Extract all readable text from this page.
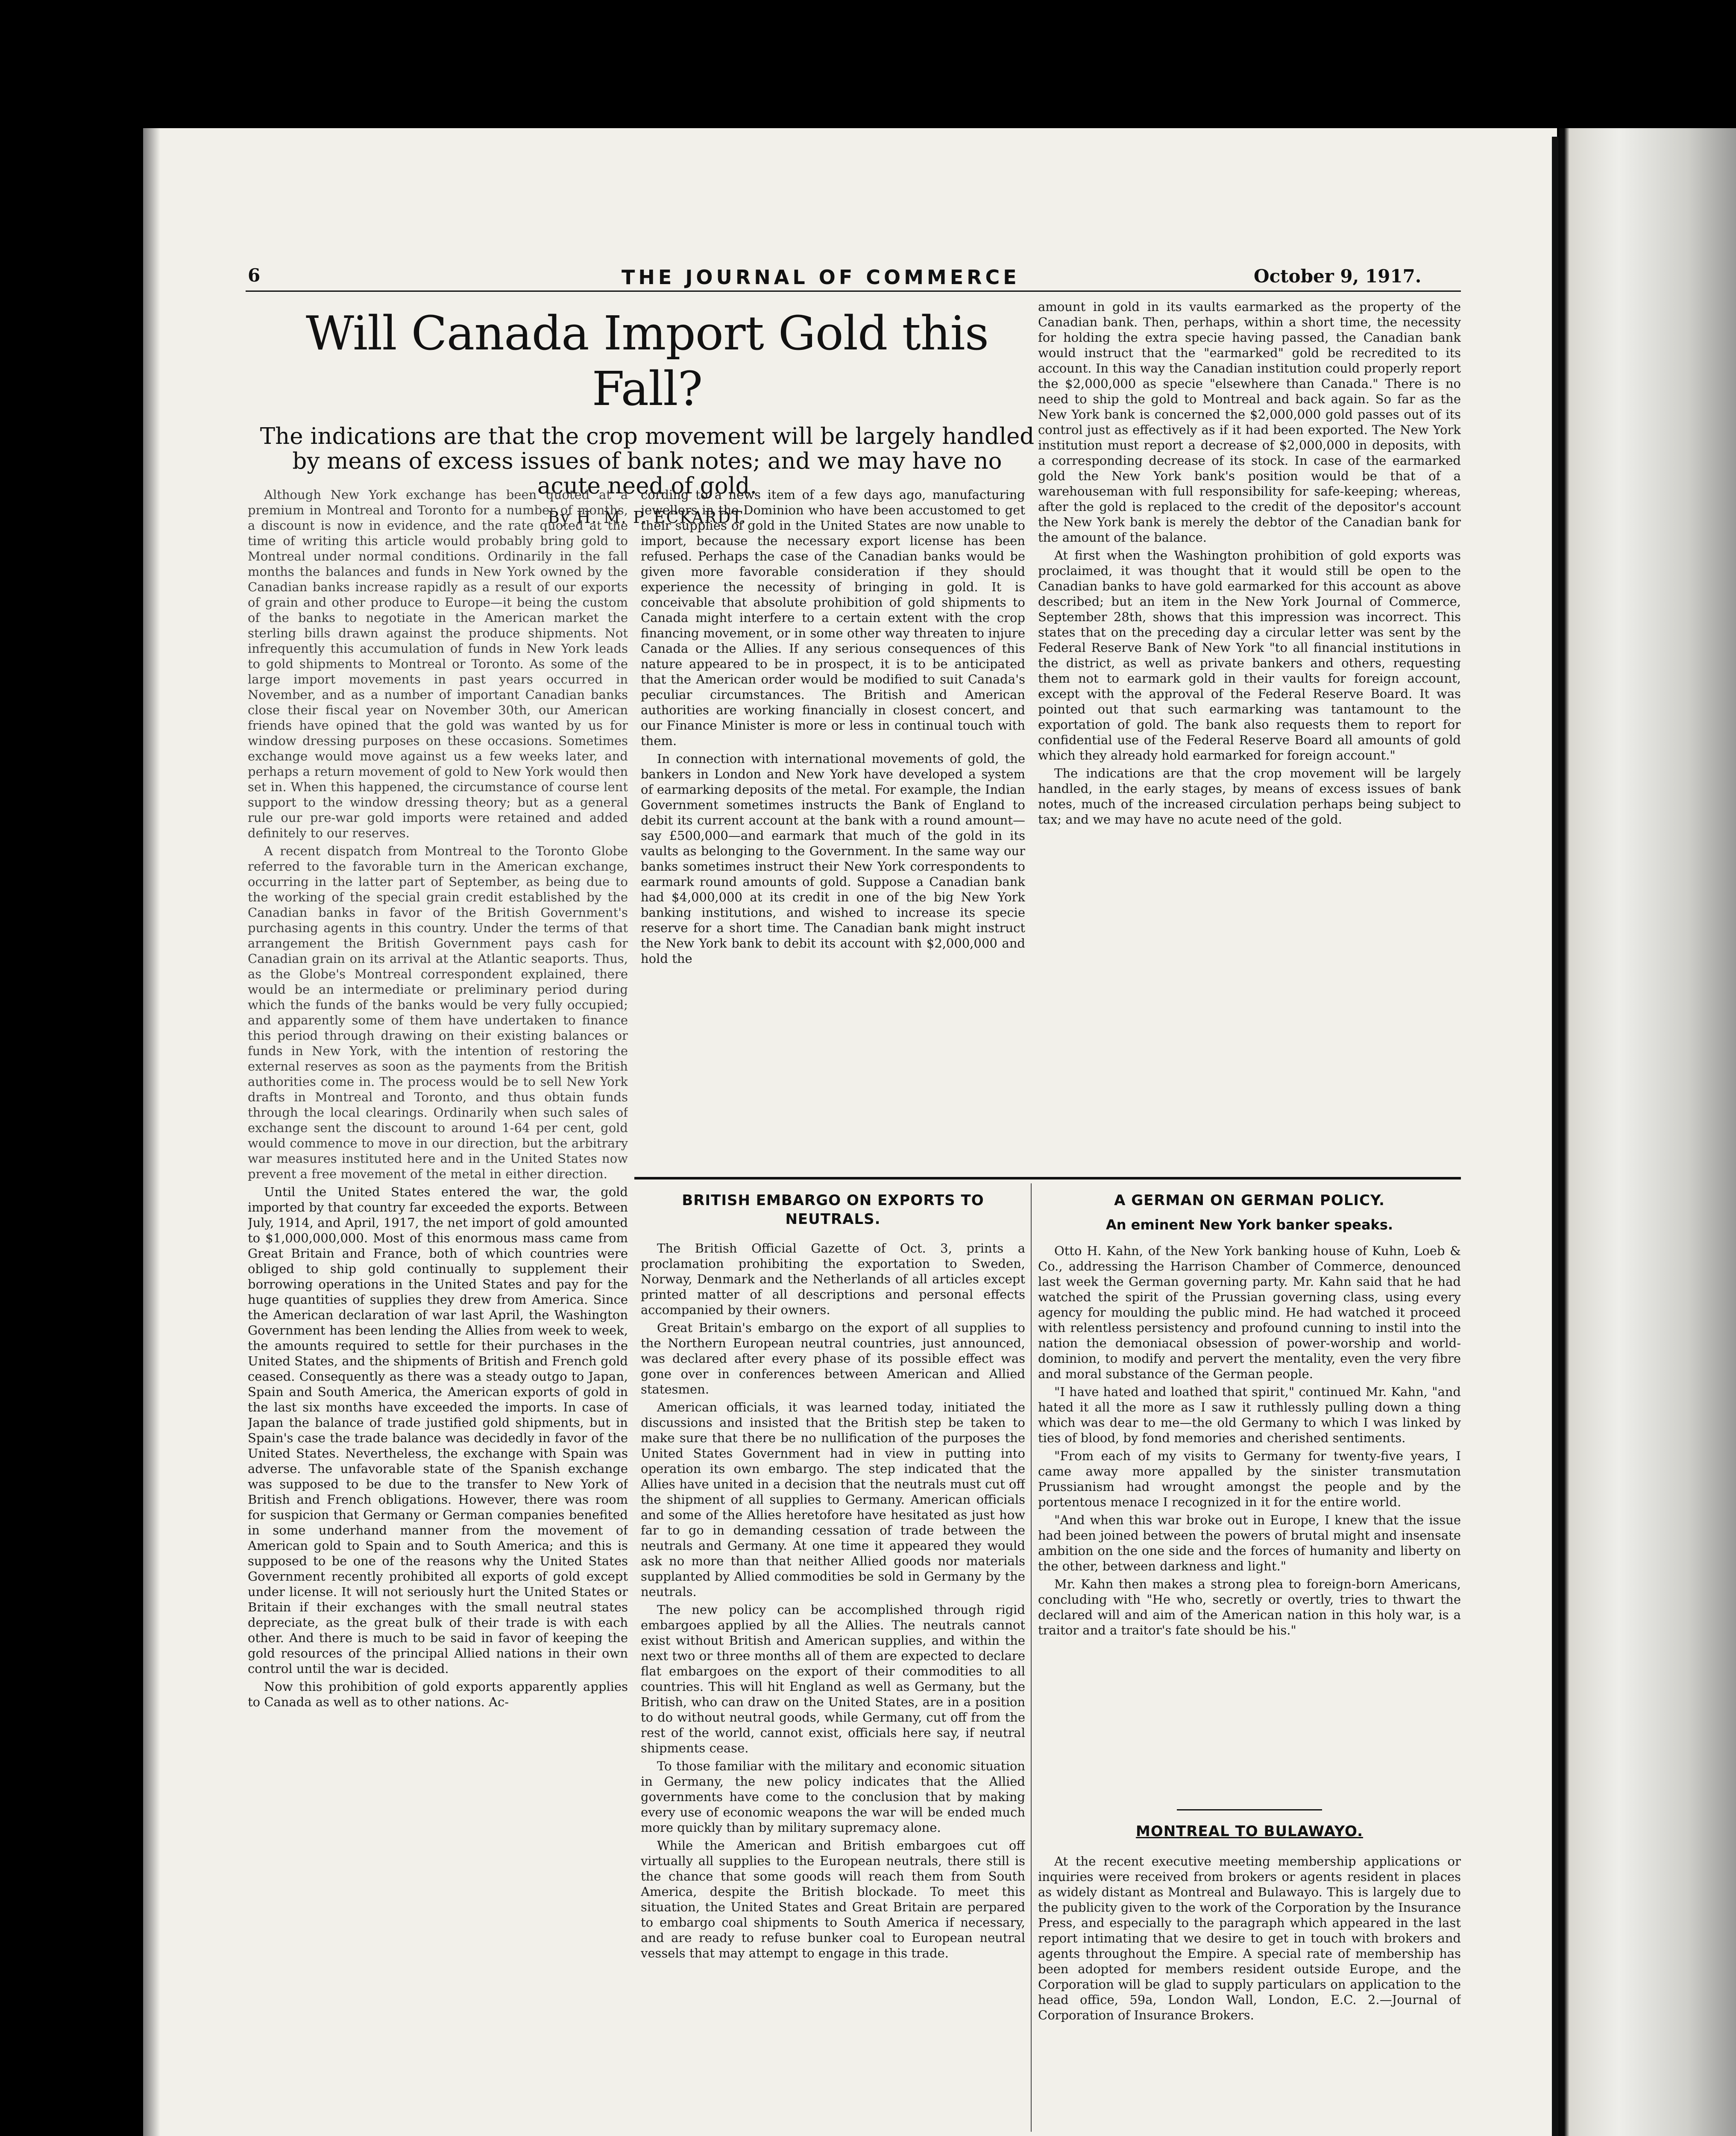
6	THE JOURNAL OF COMMERCE	October 9, 1917.
Will Canada Import Gold this Fall?

The indications are that the crop movement will be largely handled by means of excess issues of bank notes; and we may have no acute need of gold.

By H. M. P. ECKARDT.

Although New York exchange has been quoted at a premium in Montreal and Toronto for a number of months, a discount is now in evidence, and the rate quoted at the time of writing this article would probably bring gold to Montreal under normal conditions. Ordinarily in the fall months the balances and funds in New York owned by the Canadian banks increase rapidly as a result of our exports of grain and other produce to Europe—it being the custom of the banks to negotiate in the American market the sterling bills drawn against the produce shipments. Not infrequently this accumulation of funds in New York leads to gold shipments to Montreal or Toronto. As some of the large import movements in past years occurred in November, and as a number of important Canadian banks close their fiscal year on November 30th, our American friends have opined that the gold was wanted by us for window dressing purposes on these occasions. Sometimes exchange would move against us a few weeks later, and perhaps a return movement of gold to New York would then set in. When this happened, the circumstance of course lent support to the window dressing theory; but as a general rule our pre-war gold imports were retained and added definitely to our reserves.

A recent dispatch from Montreal to the Toronto Globe referred to the favorable turn in the American exchange, occurring in the latter part of September, as being due to the working of the special grain credit established by the Canadian banks in favor of the British Government's purchasing agents in this country. Under the terms of that arrangement the British Government pays cash for Canadian grain on its arrival at the Atlantic seaports. Thus, as the Globe's Montreal correspondent explained, there would be an intermediate or preliminary period during which the funds of the banks would be very fully occupied; and apparently some of them have undertaken to finance this period through drawing on their existing balances or funds in New York, with the intention of restoring the external reserves as soon as the payments from the British authorities come in. The process would be to sell New York drafts in Montreal and Toronto, and thus obtain funds through the local clearings. Ordinarily when such sales of exchange sent the discount to around 1-64 per cent, gold would commence to move in our direction, but the arbitrary war measures instituted here and in the United States now prevent a free movement of the metal in either direction.

Until the United States entered the war, the gold imported by that country far exceeded the exports. Between July, 1914, and April, 1917, the net import of gold amounted to $1,000,000,000. Most of this enormous mass came from Great Britain and France, both of which countries were obliged to ship gold continually to supplement their borrowing operations in the United States and pay for the huge quantities of supplies they drew from America. Since the American declaration of war last April, the Washington Government has been lending the Allies from week to week, the amounts required to settle for their purchases in the United States, and the shipments of British and French gold ceased. Consequently as there was a steady outgo to Japan, Spain and South America, the American exports of gold in the last six months have exceeded the imports. In case of Japan the balance of trade justified gold shipments, but in Spain's case the trade balance was decidedly in favor of the United States. Nevertheless, the exchange with Spain was adverse. The unfavorable state of the Spanish exchange was supposed to be due to the transfer to New York of British and French obligations. However, there was room for suspicion that Germany or German companies benefited in some underhand manner from the movement of American gold to Spain and to South America; and this is supposed to be one of the reasons why the United States Government recently prohibited all exports of gold except under license. It will not seriously hurt the United States or Britain if their exchanges with the small neutral states depreciate, as the great bulk of their trade is with each other. And there is much to be said in favor of keeping the gold resources of the principal Allied nations in their own control until the war is decided.

Now this prohibition of gold exports apparently applies to Canada as well as to other nations. Ac-

cording to a news item of a few days ago, manufacturing jewellers in the Dominion who have been accustomed to get their supplies of gold in the United States are now unable to import, because the necessary export license has been refused. Perhaps the case of the Canadian banks would be given more favorable consideration if they should experience the necessity of bringing in gold. It is conceivable that absolute prohibition of gold shipments to Canada might interfere to a certain extent with the crop financing movement, or in some other way threaten to injure Canada or the Allies. If any serious consequences of this nature appeared to be in prospect, it is to be anticipated that the American order would be modified to suit Canada's peculiar circumstances. The British and American authorities are working financially in closest concert, and our Finance Minister is more or less in continual touch with them.

In connection with international movements of gold, the bankers in London and New York have developed a system of earmarking deposits of the metal. For example, the Indian Government sometimes instructs the Bank of England to debit its current account at the bank with a round amount—say £500,000—and earmark that much of the gold in its vaults as belonging to the Government. In the same way our banks sometimes instruct their New York correspondents to earmark round amounts of gold. Suppose a Canadian bank had $4,000,000 at its credit in one of the big New York banking institutions, and wished to increase its specie reserve for a short time. The Canadian bank might instruct the New York bank to debit its account with $2,000,000 and hold the

amount in gold in its vaults earmarked as the property of the Canadian bank. Then, perhaps, within a short time, the necessity for holding the extra specie having passed, the Canadian bank would instruct that the "earmarked" gold be recredited to its account. In this way the Canadian institution could properly report the $2,000,000 as specie "elsewhere than Canada." There is no need to ship the gold to Montreal and back again. So far as the New York bank is concerned the $2,000,000 gold passes out of its control just as effectively as if it had been exported. The New York institution must report a decrease of $2,000,000 in deposits, with a corresponding decrease of its stock. In case of the earmarked gold the New York bank's position would be that of a warehouseman with full responsibility for safe-keeping; whereas, after the gold is replaced to the credit of the depositor's account the New York bank is merely the debtor of the Canadian bank for the amount of the balance.

At first when the Washington prohibition of gold exports was proclaimed, it was thought that it would still be open to the Canadian banks to have gold earmarked for this account as above described; but an item in the New York Journal of Commerce, September 28th, shows that this impression was incorrect. This states that on the preceding day a circular letter was sent by the Federal Reserve Bank of New York "to all financial institutions in the district, as well as private bankers and others, requesting them not to earmark gold in their vaults for foreign account, except with the approval of the Federal Reserve Board. It was pointed out that such earmarking was tantamount to the exportation of gold. The bank also requests them to report for confidential use of the Federal Reserve Board all amounts of gold which they already hold earmarked for foreign account."

The indications are that the crop movement will be largely handled, in the early stages, by means of excess issues of bank notes, much of the increased circulation perhaps being subject to tax; and we may have no acute need of the gold.

BRITISH EMBARGO ON EXPORTS TO NEUTRALS.

The British Official Gazette of Oct. 3, prints a proclamation prohibiting the exportation to Sweden, Norway, Denmark and the Netherlands of all articles except printed matter of all descriptions and personal effects accompanied by their owners.

Great Britain's embargo on the export of all supplies to the Northern European neutral countries, just announced, was declared after every phase of its possible effect was gone over in conferences between American and Allied statesmen.

American officials, it was learned today, initiated the discussions and insisted that the British step be taken to make sure that there be no nullification of the purposes the United States Government had in view in putting into operation its own embargo. The step indicated that the Allies have united in a decision that the neutrals must cut off the shipment of all supplies to Germany. American officials and some of the Allies heretofore have hesitated as just how far to go in demanding cessation of trade between the neutrals and Germany. At one time it appeared they would ask no more than that neither Allied goods nor materials supplanted by Allied commodities be sold in Germany by the neutrals.

The new policy can be accomplished through rigid embargoes applied by all the Allies. The neutrals cannot exist without British and American supplies, and within the next two or three months all of them are expected to declare flat embargoes on the export of their commodities to all countries. This will hit England as well as Germany, but the British, who can draw on the United States, are in a position to do without neutral goods, while Germany, cut off from the rest of the world, cannot exist, officials here say, if neutral shipments cease.

To those familiar with the military and economic situation in Germany, the new policy indicates that the Allied governments have come to the conclusion that by making every use of economic weapons the war will be ended much more quickly than by military supremacy alone.

While the American and British embargoes cut off virtually all supplies to the European neutrals, there still is the chance that some goods will reach them from South America, despite the British blockade. To meet this situation, the United States and Great Britain are perpared to embargo coal shipments to South America if necessary, and are ready to refuse bunker coal to European neutral vessels that may attempt to engage in this trade.

A GERMAN ON GERMAN POLICY.

An eminent New York banker speaks.

Otto H. Kahn, of the New York banking house of Kuhn, Loeb & Co., addressing the Harrison Chamber of Commerce, denounced last week the German governing party. Mr. Kahn said that he had watched the spirit of the Prussian governing class, using every agency for moulding the public mind. He had watched it proceed with relentless persistency and profound cunning to instil into the nation the demoniacal obsession of power-worship and world-dominion, to modify and pervert the mentality, even the very fibre and moral substance of the German people.

"I have hated and loathed that spirit," continued Mr. Kahn, "and hated it all the more as I saw it ruthlessly pulling down a thing which was dear to me—the old Germany to which I was linked by ties of blood, by fond memories and cherished sentiments.

"From each of my visits to Germany for twenty-five years, I came away more appalled by the sinister transmutation Prussianism had wrought amongst the people and by the portentous menace I recognized in it for the entire world.

"And when this war broke out in Europe, I knew that the issue had been joined between the powers of brutal might and insensate ambition on the one side and the forces of humanity and liberty on the other, between darkness and light."

Mr. Kahn then makes a strong plea to foreign-born Americans, concluding with "He who, secretly or overtly, tries to thwart the declared will and aim of the American nation in this holy war, is a traitor and a traitor's fate should be his."

MONTREAL TO BULAWAYO.

At the recent executive meeting membership applications or inquiries were received from brokers or agents resident in places as widely distant as Montreal and Bulawayo. This is largely due to the publicity given to the work of the Corporation by the Insurance Press, and especially to the paragraph which appeared in the last report intimating that we desire to get in touch with brokers and agents throughout the Empire. A special rate of membership has been adopted for members resident outside Europe, and the Corporation will be glad to supply particulars on application to the head office, 59a, London Wall, London, E.C. 2.—Journal of Corporation of Insurance Brokers.
